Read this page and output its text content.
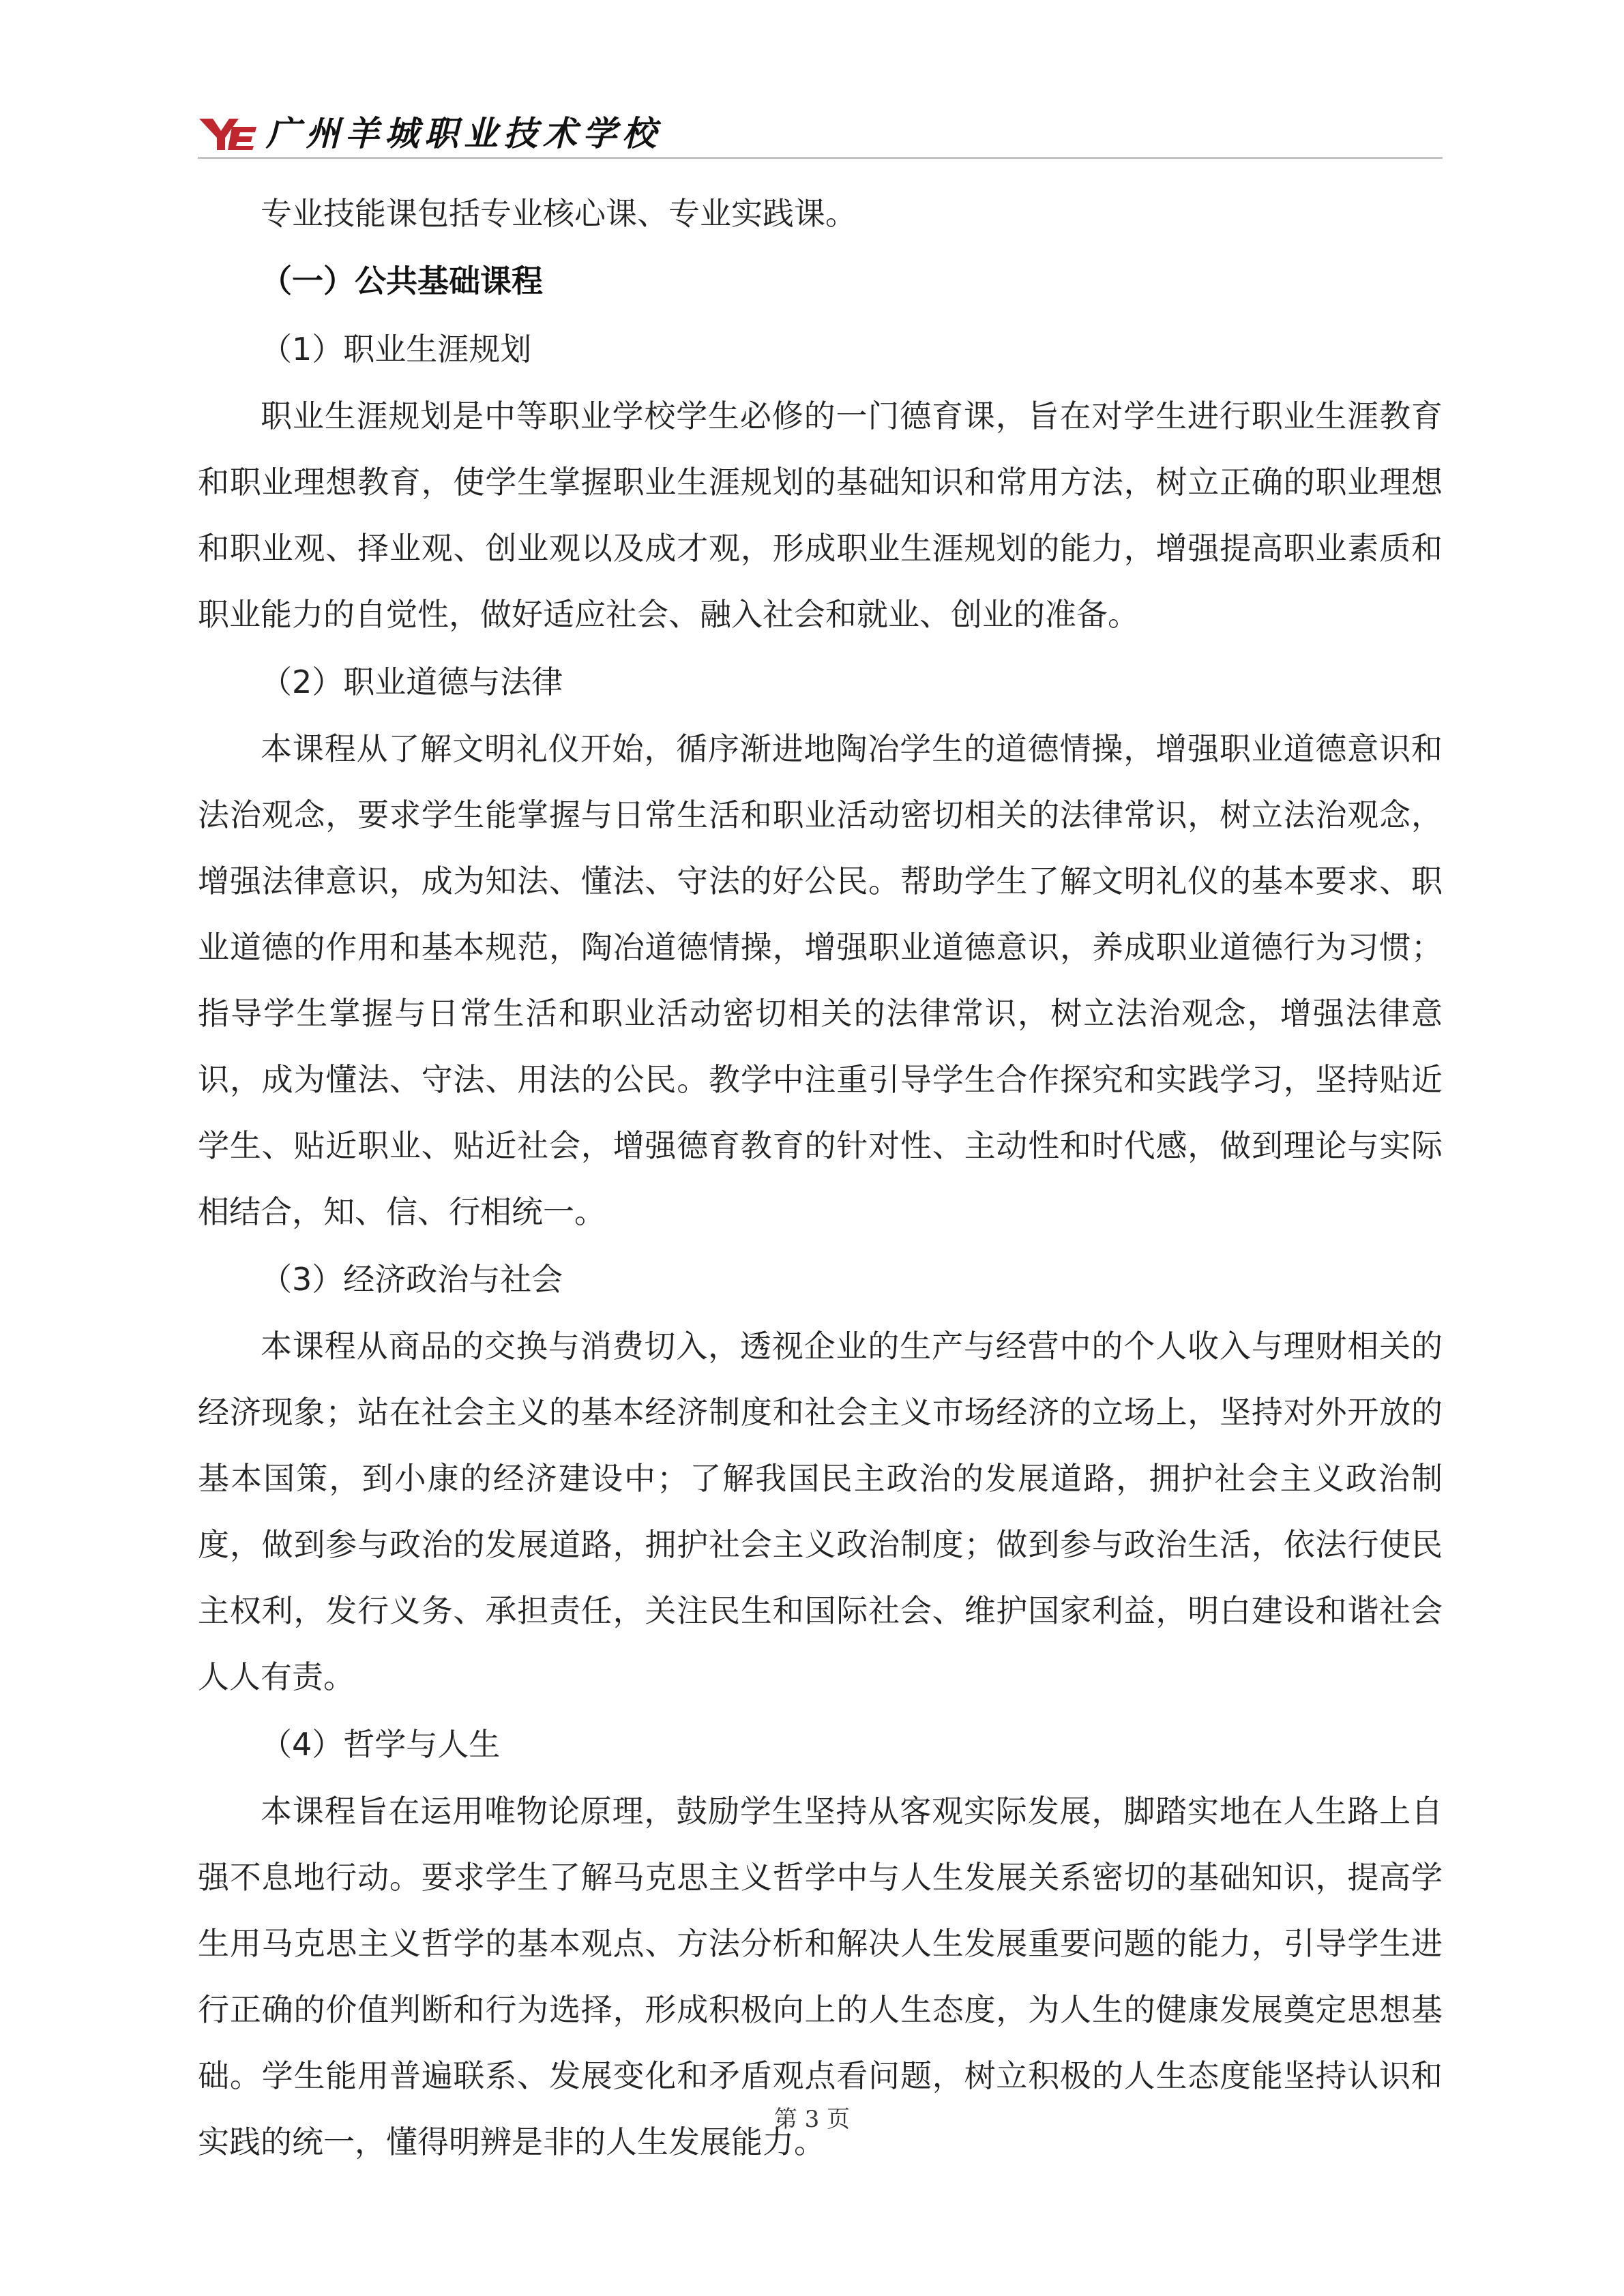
广州羊城职业技术学校

专业技能课包括专业核心课、专业实践课。

（一）公共基础课程

（1）职业生涯规划

职业生涯规划是中等职业学校学生必修的一门德育课，旨在对学生进行职业生涯教育和职业理想教育，使学生掌握职业生涯规划的基础知识和常用方法，树立正确的职业理想和职业观、择业观、创业观以及成才观，形成职业生涯规划的能力，增强提高职业素质和职业能力的自觉性，做好适应社会、融入社会和就业、创业的准备。

（2）职业道德与法律

本课程从了解文明礼仪开始，循序渐进地陶冶学生的道德情操，增强职业道德意识和法治观念，要求学生能掌握与日常生活和职业活动密切相关的法律常识，树立法治观念，增强法律意识，成为知法、懂法、守法的好公民。帮助学生了解文明礼仪的基本要求、职业道德的作用和基本规范，陶冶道德情操，增强职业道德意识，养成职业道德行为习惯；指导学生掌握与日常生活和职业活动密切相关的法律常识，树立法治观念，增强法律意识，成为懂法、守法、用法的公民。教学中注重引导学生合作探究和实践学习，坚持贴近学生、贴近职业、贴近社会，增强德育教育的针对性、主动性和时代感，做到理论与实际相结合，知、信、行相统一。

（3）经济政治与社会

本课程从商品的交换与消费切入，透视企业的生产与经营中的个人收入与理财相关的经济现象；站在社会主义的基本经济制度和社会主义市场经济的立场上，坚持对外开放的基本国策，到小康的经济建设中；了解我国民主政治的发展道路，拥护社会主义政治制度，做到参与政治的发展道路，拥护社会主义政治制度；做到参与政治生活，依法行使民主权利，发行义务、承担责任，关注民生和国际社会、维护国家利益，明白建设和谐社会人人有责。

（4）哲学与人生

本课程旨在运用唯物论原理，鼓励学生坚持从客观实际发展，脚踏实地在人生路上自强不息地行动。要求学生了解马克思主义哲学中与人生发展关系密切的基础知识，提高学生用马克思主义哲学的基本观点、方法分析和解决人生发展重要问题的能力，引导学生进行正确的价值判断和行为选择，形成积极向上的人生态度，为人生的健康发展奠定思想基础。学生能用普遍联系、发展变化和矛盾观点看问题，树立积极的人生态度能坚持认识和实践的统一，懂得明辨是非的人生发展能力。

第 3 页
